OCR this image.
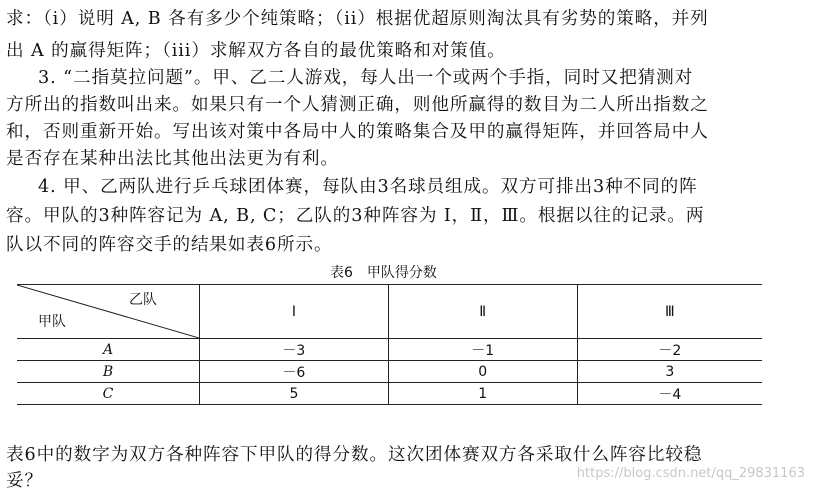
求：（i）说明 A, B 各有多少个纯策略；（ii）根据优超原则淘汰具有劣势的策略，并列
出 A 的赢得矩阵；（iii）求解双方各自的最优策略和对策值。
3. “二指莫拉问题”。甲、乙二人游戏，每人出一个或两个手指，同时又把猜测对
方所出的指数叫出来。如果只有一个人猜测正确，则他所赢得的数目为二人所出指数之
和，否则重新开始。写出该对策中各局中人的策略集合及甲的赢得矩阵，并回答局中人
是否存在某种出法比其他出法更为有利。
4. 甲、乙两队进行乒乓球团体赛，每队由3名球员组成。双方可排出3种不同的阵
容。甲队的3种阵容记为 A, B, C；乙队的3种阵容为 Ⅰ，Ⅱ，Ⅲ。根据以往的记录。两
队以不同的阵容交手的结果如表6所示。
表6　甲队得分数
乙队
甲队	Ⅰ	Ⅱ	Ⅲ
A	－3	－1	－2
B	－6	0	3
C	5	1	－4
表6中的数字为双方各种阵容下甲队的得分数。这次团体赛双方各采取什么阵容比较稳
妥？	https://blog.csdn.net/qq_29831163
